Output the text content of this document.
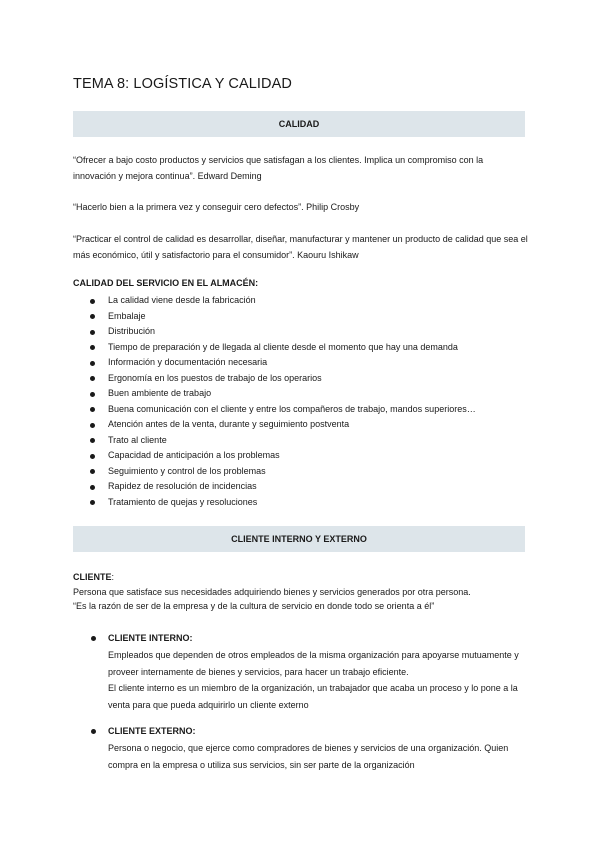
TEMA 8: LOGÍSTICA Y CALIDAD
CALIDAD
“Ofrecer a bajo costo productos y servicios que satisfagan a los clientes. Implica un compromiso con la innovación y mejora continua”. Edward Deming
“Hacerlo bien a la primera vez y conseguir cero defectos”. Philip Crosby
“Practicar el control de calidad es desarrollar, diseñar, manufacturar y mantener un producto de calidad que sea el más económico, útil y satisfactorio para el consumidor”. Kaouru Ishikaw
CALIDAD DEL SERVICIO EN EL ALMACÉN:
La calidad viene desde la fabricación
Embalaje
Distribución
Tiempo de preparación y de llegada al cliente desde el momento que hay una demanda
Información y documentación necesaria
Ergonomía en los puestos de trabajo de los operarios
Buen ambiente de trabajo
Buena comunicación con el cliente y entre los compañeros de trabajo, mandos superiores…
Atención antes de la venta, durante y seguimiento postventa
Trato al cliente
Capacidad de anticipación a los problemas
Seguimiento y control de los problemas
Rapidez de resolución de incidencias
Tratamiento de quejas y resoluciones
CLIENTE INTERNO Y EXTERNO
CLIENTE:
Persona que satisface sus necesidades adquiriendo bienes y servicios generados por otra persona.
“Es la razón de ser de la empresa y de la cultura de servicio en donde todo se orienta a él”
CLIENTE INTERNO:
Empleados que dependen de otros empleados de la misma organización para apoyarse mutuamente y proveer internamente de bienes y servicios, para hacer un trabajo eficiente.
El cliente interno es un miembro de la organización, un trabajador que acaba un proceso y lo pone a la venta para que pueda adquirirlo un cliente externo
CLIENTE EXTERNO:
Persona o negocio, que ejerce como compradores de bienes y servicios de una organización. Quien compra en la empresa o utiliza sus servicios, sin ser parte de la organización
